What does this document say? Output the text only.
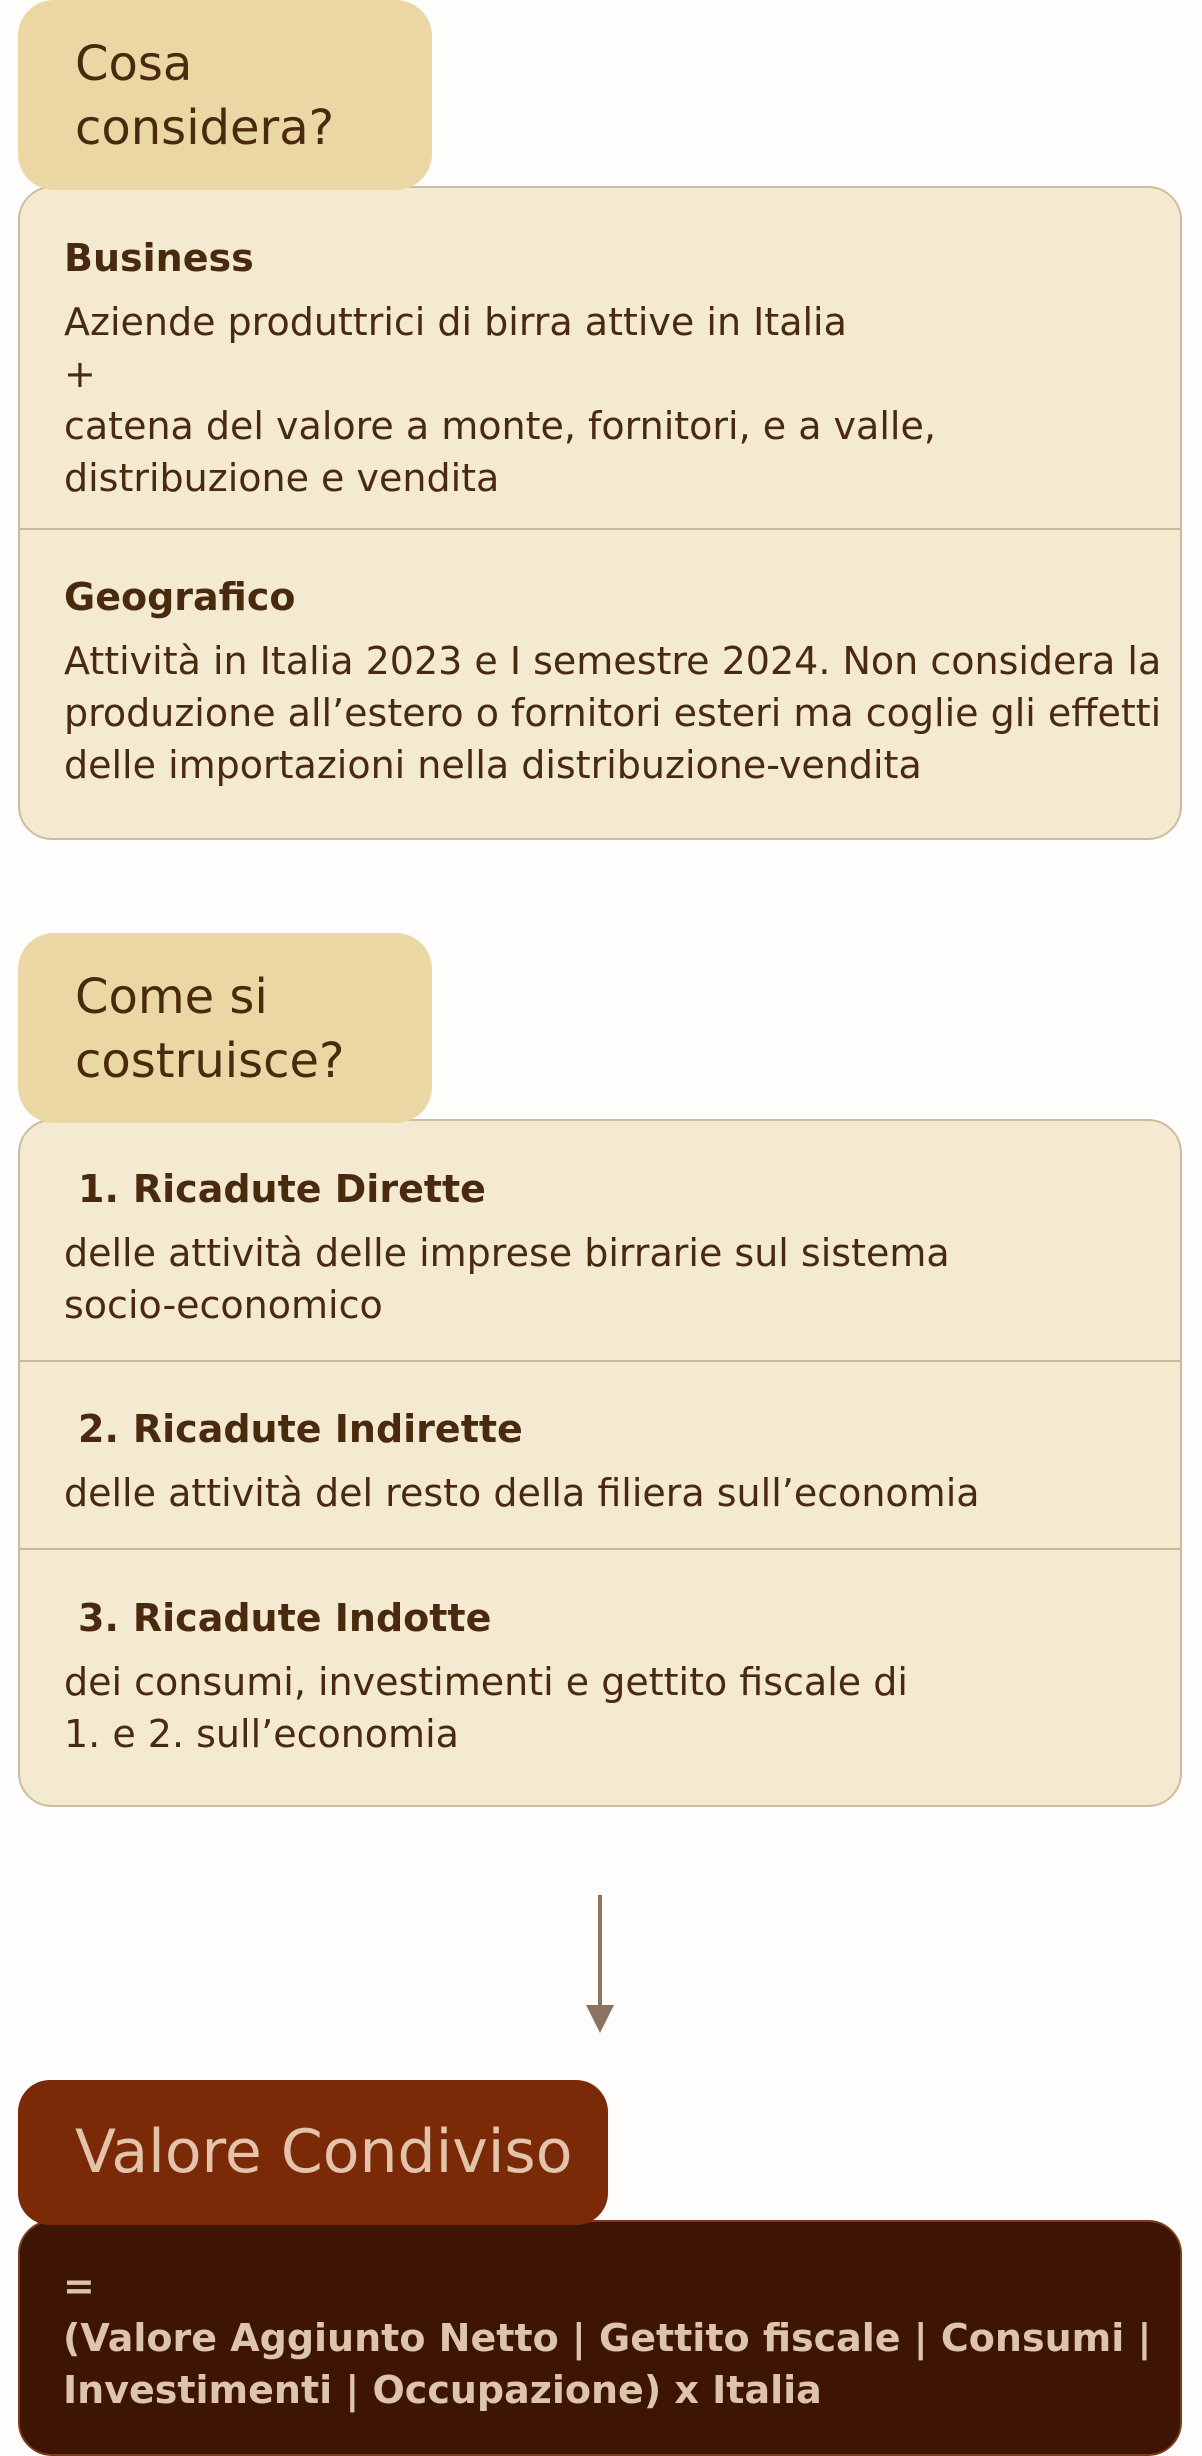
Cosa
considera?
Business
Aziende produttrici di birra attive in Italia
+
catena del valore a monte, fornitori, e a valle,
distribuzione e vendita
Geografico
Attività in Italia 2023 e I semestre 2024. Non considera la
produzione all’estero o fornitori esteri ma coglie gli effetti
delle importazioni nella distribuzione-vendita
Come si
costruisce?
1. Ricadute Dirette
delle attività delle imprese birrarie sul sistema
socio-economico
2. Ricadute Indirette
delle attività del resto della filiera sull’economia
3. Ricadute Indotte
dei consumi, investimenti e gettito fiscale di
1. e 2. sull’economia
Valore Condiviso
=
(Valore Aggiunto Netto | Gettito fiscale | Consumi |
Investimenti | Occupazione) x Italia
